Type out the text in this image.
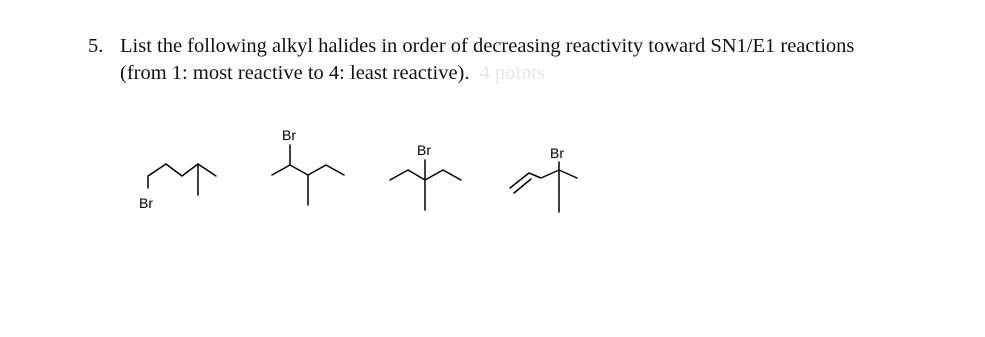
5. List the following alkyl halides in order of decreasing reactivity toward SN1/E1 reactions
(from 1: most reactive to 4: least reactive). 4 points
Br
Br
Br	Br
